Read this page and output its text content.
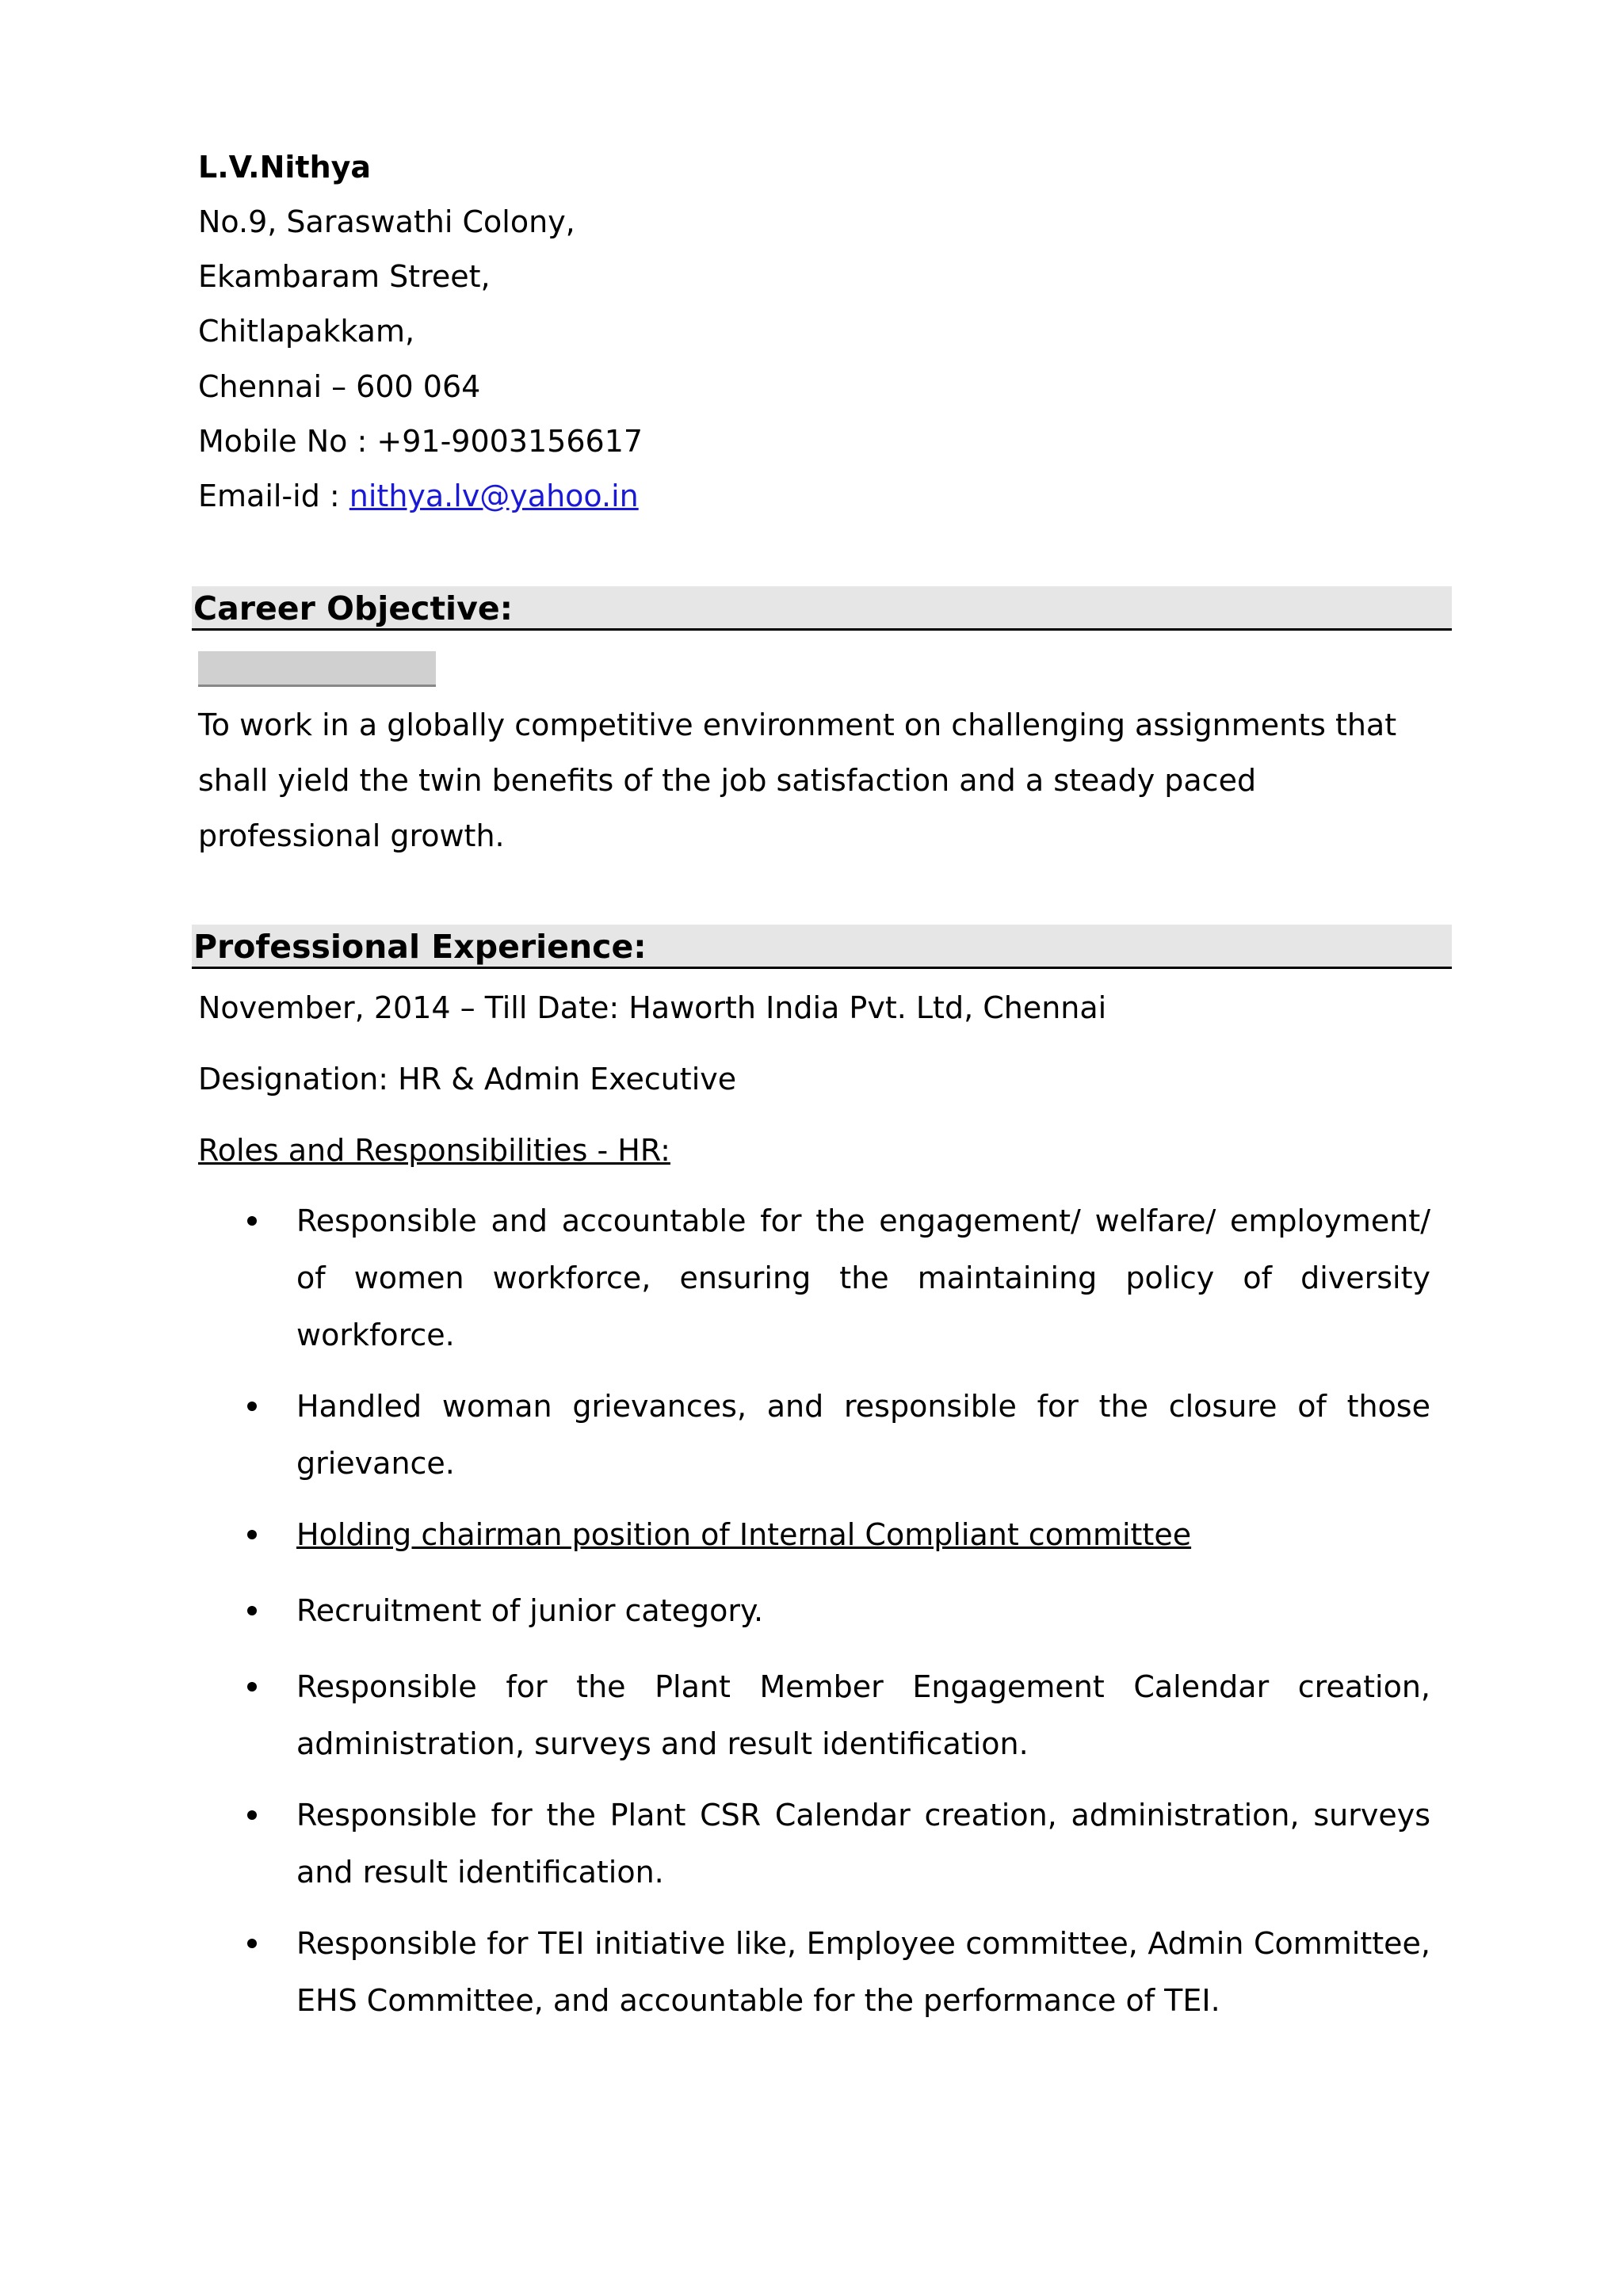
L.V.Nithya
No.9, Saraswathi Colony,
Ekambaram Street,
Chitlapakkam,
Chennai – 600 064
Mobile No : +91-9003156617
Email-id : nithya.lv@yahoo.in
Career Objective:
To work in a globally competitive environment on challenging assignments that shall yield the twin benefits of the job satisfaction and a steady paced professional growth.
Professional Experience:
November, 2014 – Till Date: Haworth India Pvt. Ltd, Chennai
Designation: HR & Admin Executive
Roles and Responsibilities - HR:
Responsible and accountable for the engagement/ welfare/ employment/ of women workforce, ensuring the maintaining policy of diversity workforce.
Handled woman grievances, and responsible for the closure of those grievance.
Holding chairman position of Internal Compliant committee
Recruitment of junior category.
Responsible for the Plant Member Engagement Calendar creation, administration, surveys and result identification.
Responsible for the Plant CSR Calendar creation, administration, surveys and result identification.
Responsible for TEI initiative like, Employee committee, Admin Committee, EHS Committee, and accountable for the performance of TEI.
